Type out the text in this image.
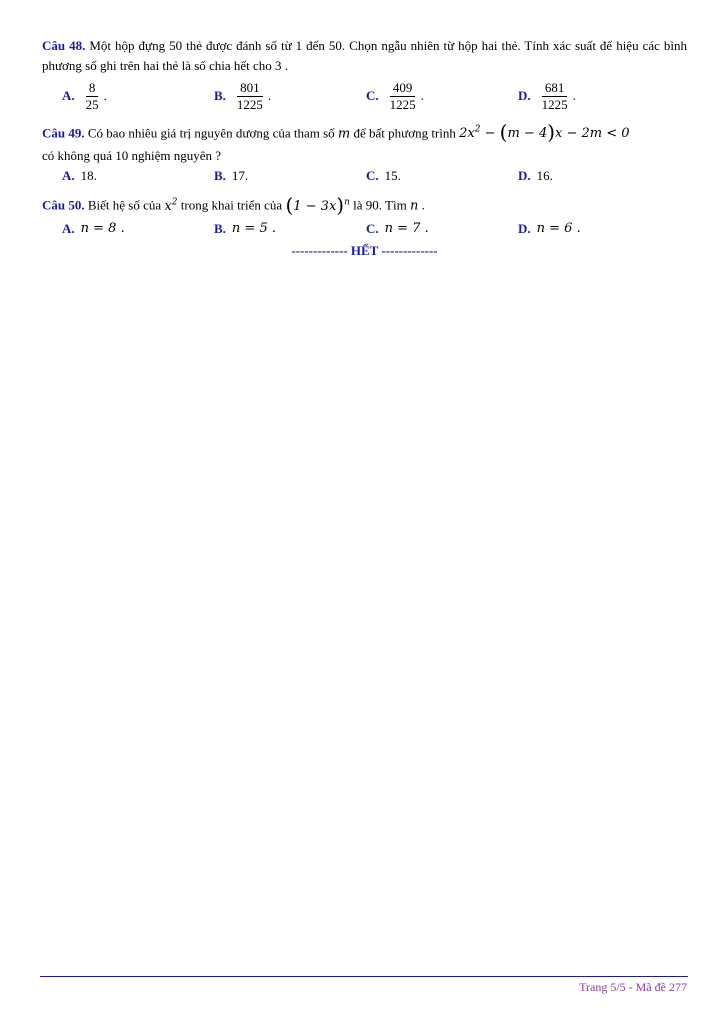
Câu 48. Một hộp đựng 50 thẻ được đánh số từ 1 đến 50. Chọn ngẫu nhiên từ hộp hai thẻ. Tính xác suất để hiệu các bình phương số ghi trên hai thẻ là số chia hết cho 3 .

A. $\frac{8}{25}$ .	B. $\frac{801}{1225}$ .	C. $\frac{409}{1225}$ .	D. $\frac{681}{1225}$ .

Câu 49. Có bao nhiêu giá trị nguyên dương của tham số m để bất phương trình $2x^2 - (m - 4)x - 2m < 0$

có không quá 10 nghiệm nguyên ?

A. 18.	B. 17.	C. 15.	D. 16.

Câu 50. Biết hệ số của $x^2$ trong khai triển của $(1 - 3x)^n$ là 90. Tìm n .

A. n = 8 .	B. n = 5 .	C. n = 7 .	D. n = 6 .
------------- HẾT -------------
Trang 5/5 - Mã đề 277
